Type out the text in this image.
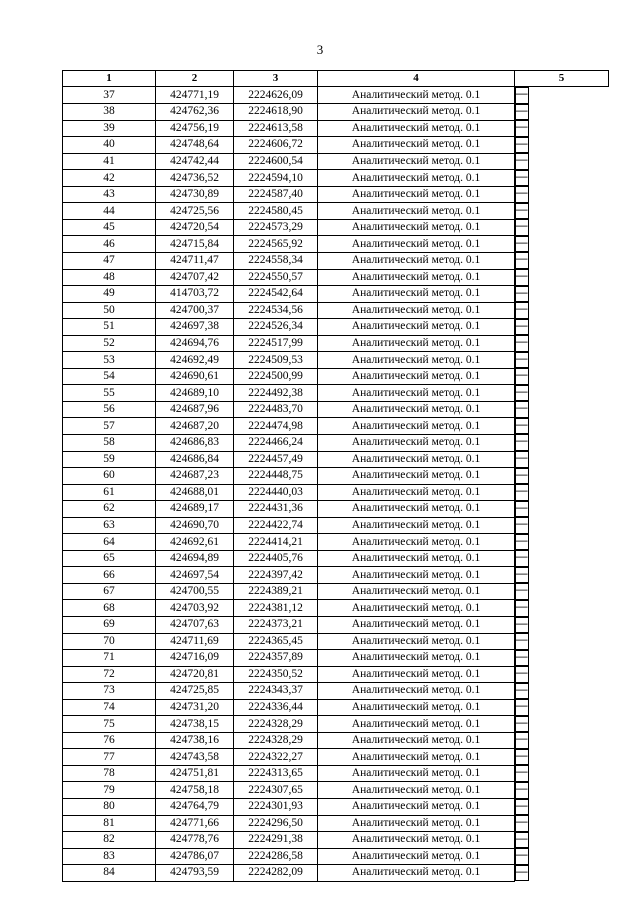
3
1	2	3	4	5
37	424771,19	2224626,09	Аналитический метод. 0.1		—
38	424762,36	2224618,90	Аналитический метод. 0.1		—
39	424756,19	2224613,58	Аналитический метод. 0.1		—
40	424748,64	2224606,72	Аналитический метод. 0.1		—
41	424742,44	2224600,54	Аналитический метод. 0.1		—
42	424736,52	2224594,10	Аналитический метод. 0.1		—
43	424730,89	2224587,40	Аналитический метод. 0.1		—
44	424725,56	2224580,45	Аналитический метод. 0.1		—
45	424720,54	2224573,29	Аналитический метод. 0.1		—
46	424715,84	2224565,92	Аналитический метод. 0.1		—
47	424711,47	2224558,34	Аналитический метод. 0.1		—
48	424707,42	2224550,57	Аналитический метод. 0.1		—
49	414703,72	2224542,64	Аналитический метод. 0.1		—
50	424700,37	2224534,56	Аналитический метод. 0.1		—
51	424697,38	2224526,34	Аналитический метод. 0.1		—
52	424694,76	2224517,99	Аналитический метод. 0.1		—
53	424692,49	2224509,53	Аналитический метод. 0.1		—
54	424690,61	2224500,99	Аналитический метод. 0.1		—
55	424689,10	2224492,38	Аналитический метод. 0.1		—
56	424687,96	2224483,70	Аналитический метод. 0.1		—
57	424687,20	2224474,98	Аналитический метод. 0.1		—
58	424686,83	2224466,24	Аналитический метод. 0.1		—
59	424686,84	2224457,49	Аналитический метод. 0.1		—
60	424687,23	2224448,75	Аналитический метод. 0.1		—
61	424688,01	2224440,03	Аналитический метод. 0.1		—
62	424689,17	2224431,36	Аналитический метод. 0.1		—
63	424690,70	2224422,74	Аналитический метод. 0.1		—
64	424692,61	2224414,21	Аналитический метод. 0.1		—
65	424694,89	2224405,76	Аналитический метод. 0.1		—
66	424697,54	2224397,42	Аналитический метод. 0.1		—
67	424700,55	2224389,21	Аналитический метод. 0.1		—
68	424703,92	2224381,12	Аналитический метод. 0.1		—
69	424707,63	2224373,21	Аналитический метод. 0.1		—
70	424711,69	2224365,45	Аналитический метод. 0.1		—
71	424716,09	2224357,89	Аналитический метод. 0.1		—
72	424720,81	2224350,52	Аналитический метод. 0.1		—
73	424725,85	2224343,37	Аналитический метод. 0.1		—
74	424731,20	2224336,44	Аналитический метод. 0.1		—
75	424738,15	2224328,29	Аналитический метод. 0.1		—
76	424738,16	2224328,29	Аналитический метод. 0.1		—
77	424743,58	2224322,27	Аналитический метод. 0.1		—
78	424751,81	2224313,65	Аналитический метод. 0.1		—
79	424758,18	2224307,65	Аналитический метод. 0.1		—
80	424764,79	2224301,93	Аналитический метод. 0.1		—
81	424771,66	2224296,50	Аналитический метод. 0.1		—
82	424778,76	2224291,38	Аналитический метод. 0.1		—
83	424786,07	2224286,58	Аналитический метод. 0.1		—
84	424793,59	2224282,09	Аналитический метод. 0.1		—
